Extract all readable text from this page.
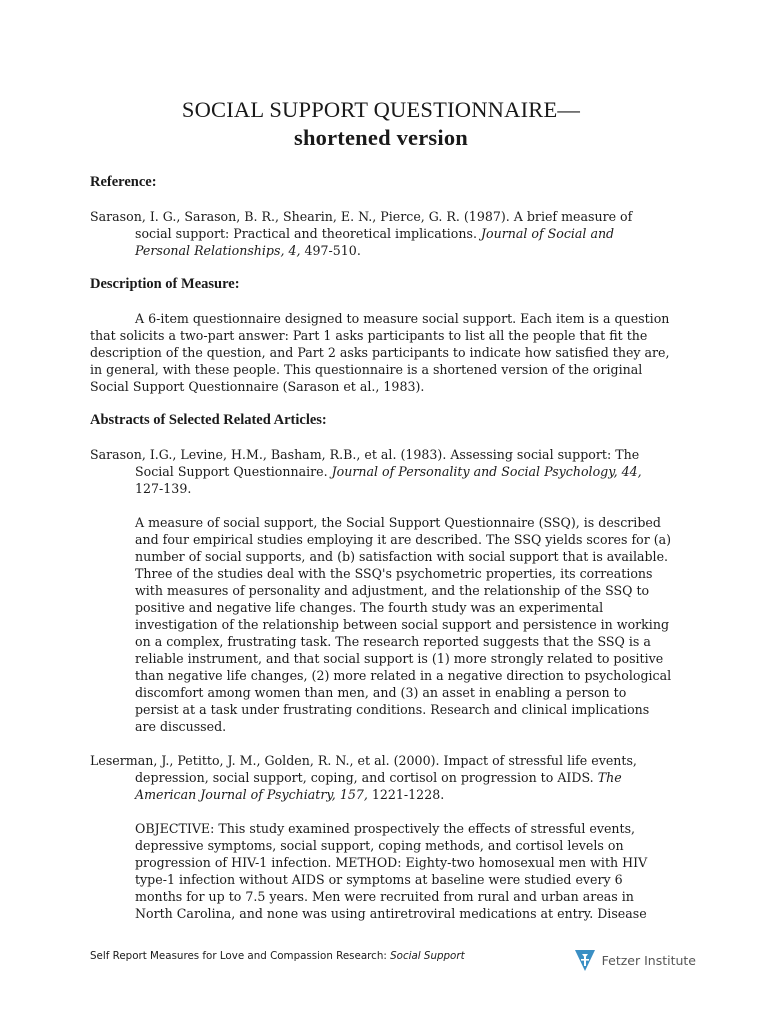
SOCIAL SUPPORT QUESTIONNAIRE—
shortened version
Reference:

Sarason, I. G., Sarason, B. R., Shearin, E. N., Pierce, G. R. (1987). A brief measure of social support: Practical and theoretical implications. Journal of Social and Personal Relationships, 4, 497-510.

Description of Measure:

A 6-item questionnaire designed to measure social support. Each item is a question that solicits a two-part answer: Part 1 asks participants to list all the people that fit the description of the question, and Part 2 asks participants to indicate how satisfied they are, in general, with these people. This questionnaire is a shortened version of the original Social Support Questionnaire (Sarason et al., 1983).

Abstracts of Selected Related Articles:

Sarason, I.G., Levine, H.M., Basham, R.B., et al. (1983). Assessing social support: The Social Support Questionnaire. Journal of Personality and Social Psychology, 44, 127-139.

A measure of social support, the Social Support Questionnaire (SSQ), is described and four empirical studies employing it are described. The SSQ yields scores for (a) number of social supports, and (b) satisfaction with social support that is available. Three of the studies deal with the SSQ's psychometric properties, its correations with measures of personality and adjustment, and the relationship of the SSQ to positive and negative life changes. The fourth study was an experimental investigation of the relationship between social support and persistence in working on a complex, frustrating task. The research reported suggests that the SSQ is a reliable instrument, and that social support is (1) more strongly related to positive than negative life changes, (2) more related in a negative direction to psychological discomfort among women than men, and (3) an asset in enabling a person to persist at a task under frustrating conditions. Research and clinical implications are discussed.

Leserman, J., Petitto, J. M., Golden, R. N., et al. (2000). Impact of stressful life events, depression, social support, coping, and cortisol on progression to AIDS. The American Journal of Psychiatry, 157, 1221-1228.

OBJECTIVE: This study examined prospectively the effects of stressful events, depressive symptoms, social support, coping methods, and cortisol levels on progression of HIV-1 infection. METHOD: Eighty-two homosexual men with HIV type-1 infection without AIDS or symptoms at baseline were studied every 6 months for up to 7.5 years. Men were recruited from rural and urban areas in North Carolina, and none was using antiretroviral medications at entry. Disease

Self Report Measures for Love and Compassion Research: Social Support	Fetzer Institute
